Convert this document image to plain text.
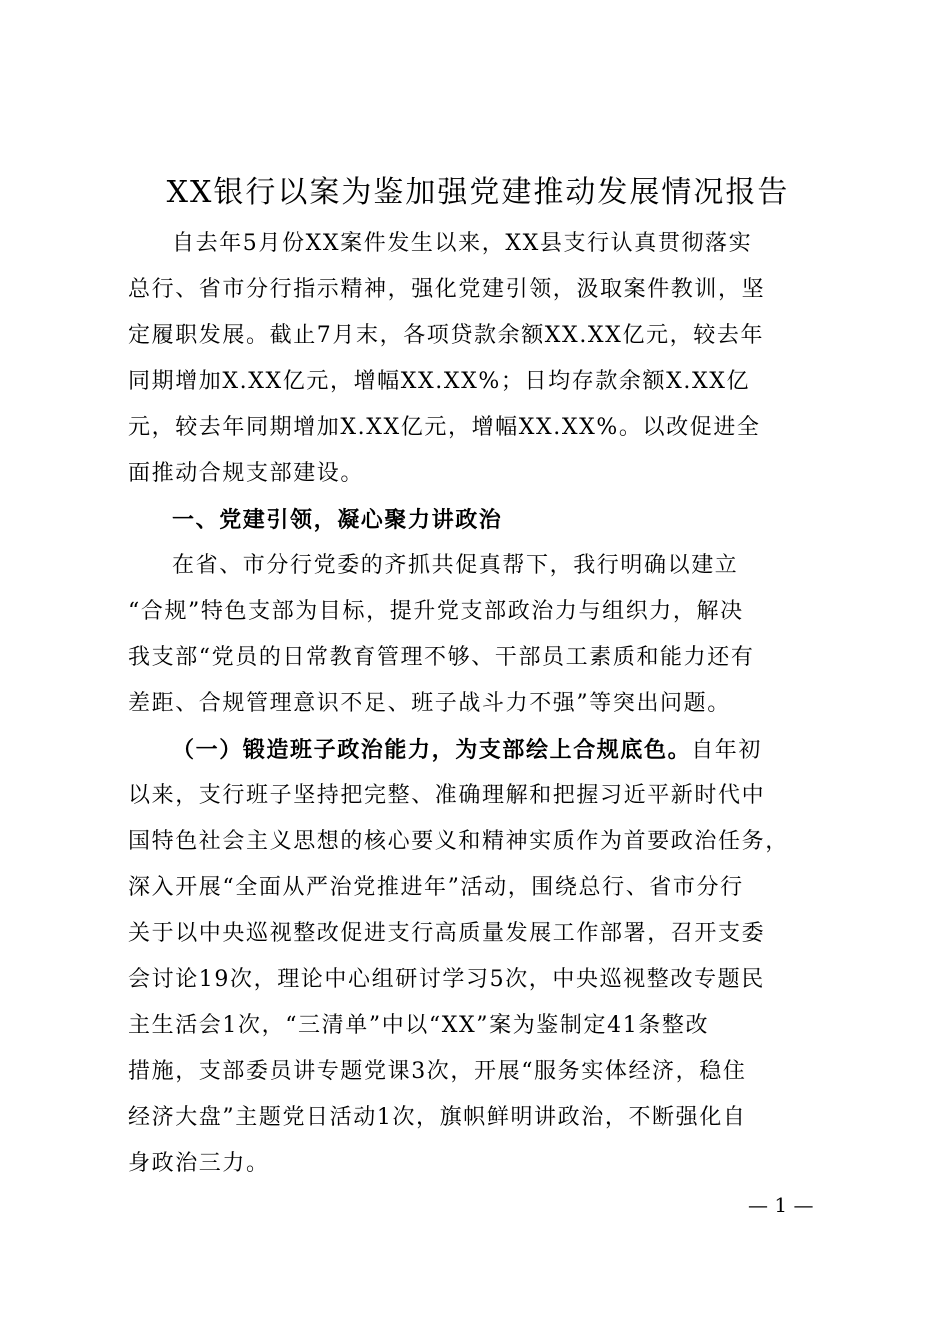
XX银行以案为鉴加强党建推动发展情况报告
自去年5月份XX案件发生以来，XX县支行认真贯彻落实
总行、省市分行指示精神，强化党建引领，汲取案件教训，坚
定履职发展。截止7月末，各项贷款余额XX.XX亿元，较去年
同期增加X.XX亿元，增幅XX.XX%；日均存款余额X.XX亿
元，较去年同期增加X.XX亿元，增幅XX.XX%。以改促进全
面推动合规支部建设。
一、党建引领，凝心聚力讲政治
在省、市分行党委的齐抓共促真帮下，我行明确以建立
“合规”特色支部为目标，提升党支部政治力与组织力，解决
我支部“党员的日常教育管理不够、干部员工素质和能力还有
差距、合规管理意识不足、班子战斗力不强”等突出问题。
（一）锻造班子政治能力，为支部绘上合规底色。自年初
以来，支行班子坚持把完整、准确理解和把握习近平新时代中
国特色社会主义思想的核心要义和精神实质作为首要政治任务，
深入开展“全面从严治党推进年”活动，围绕总行、省市分行
关于以中央巡视整改促进支行高质量发展工作部署，召开支委
会讨论19次，理论中心组研讨学习5次，中央巡视整改专题民
主生活会1次，“三清单”中以“XX”案为鉴制定41条整改
措施，支部委员讲专题党课3次，开展“服务实体经济，稳住
经济大盘”主题党日活动1次，旗帜鲜明讲政治，不断强化自
身政治三力。
— 1 —
